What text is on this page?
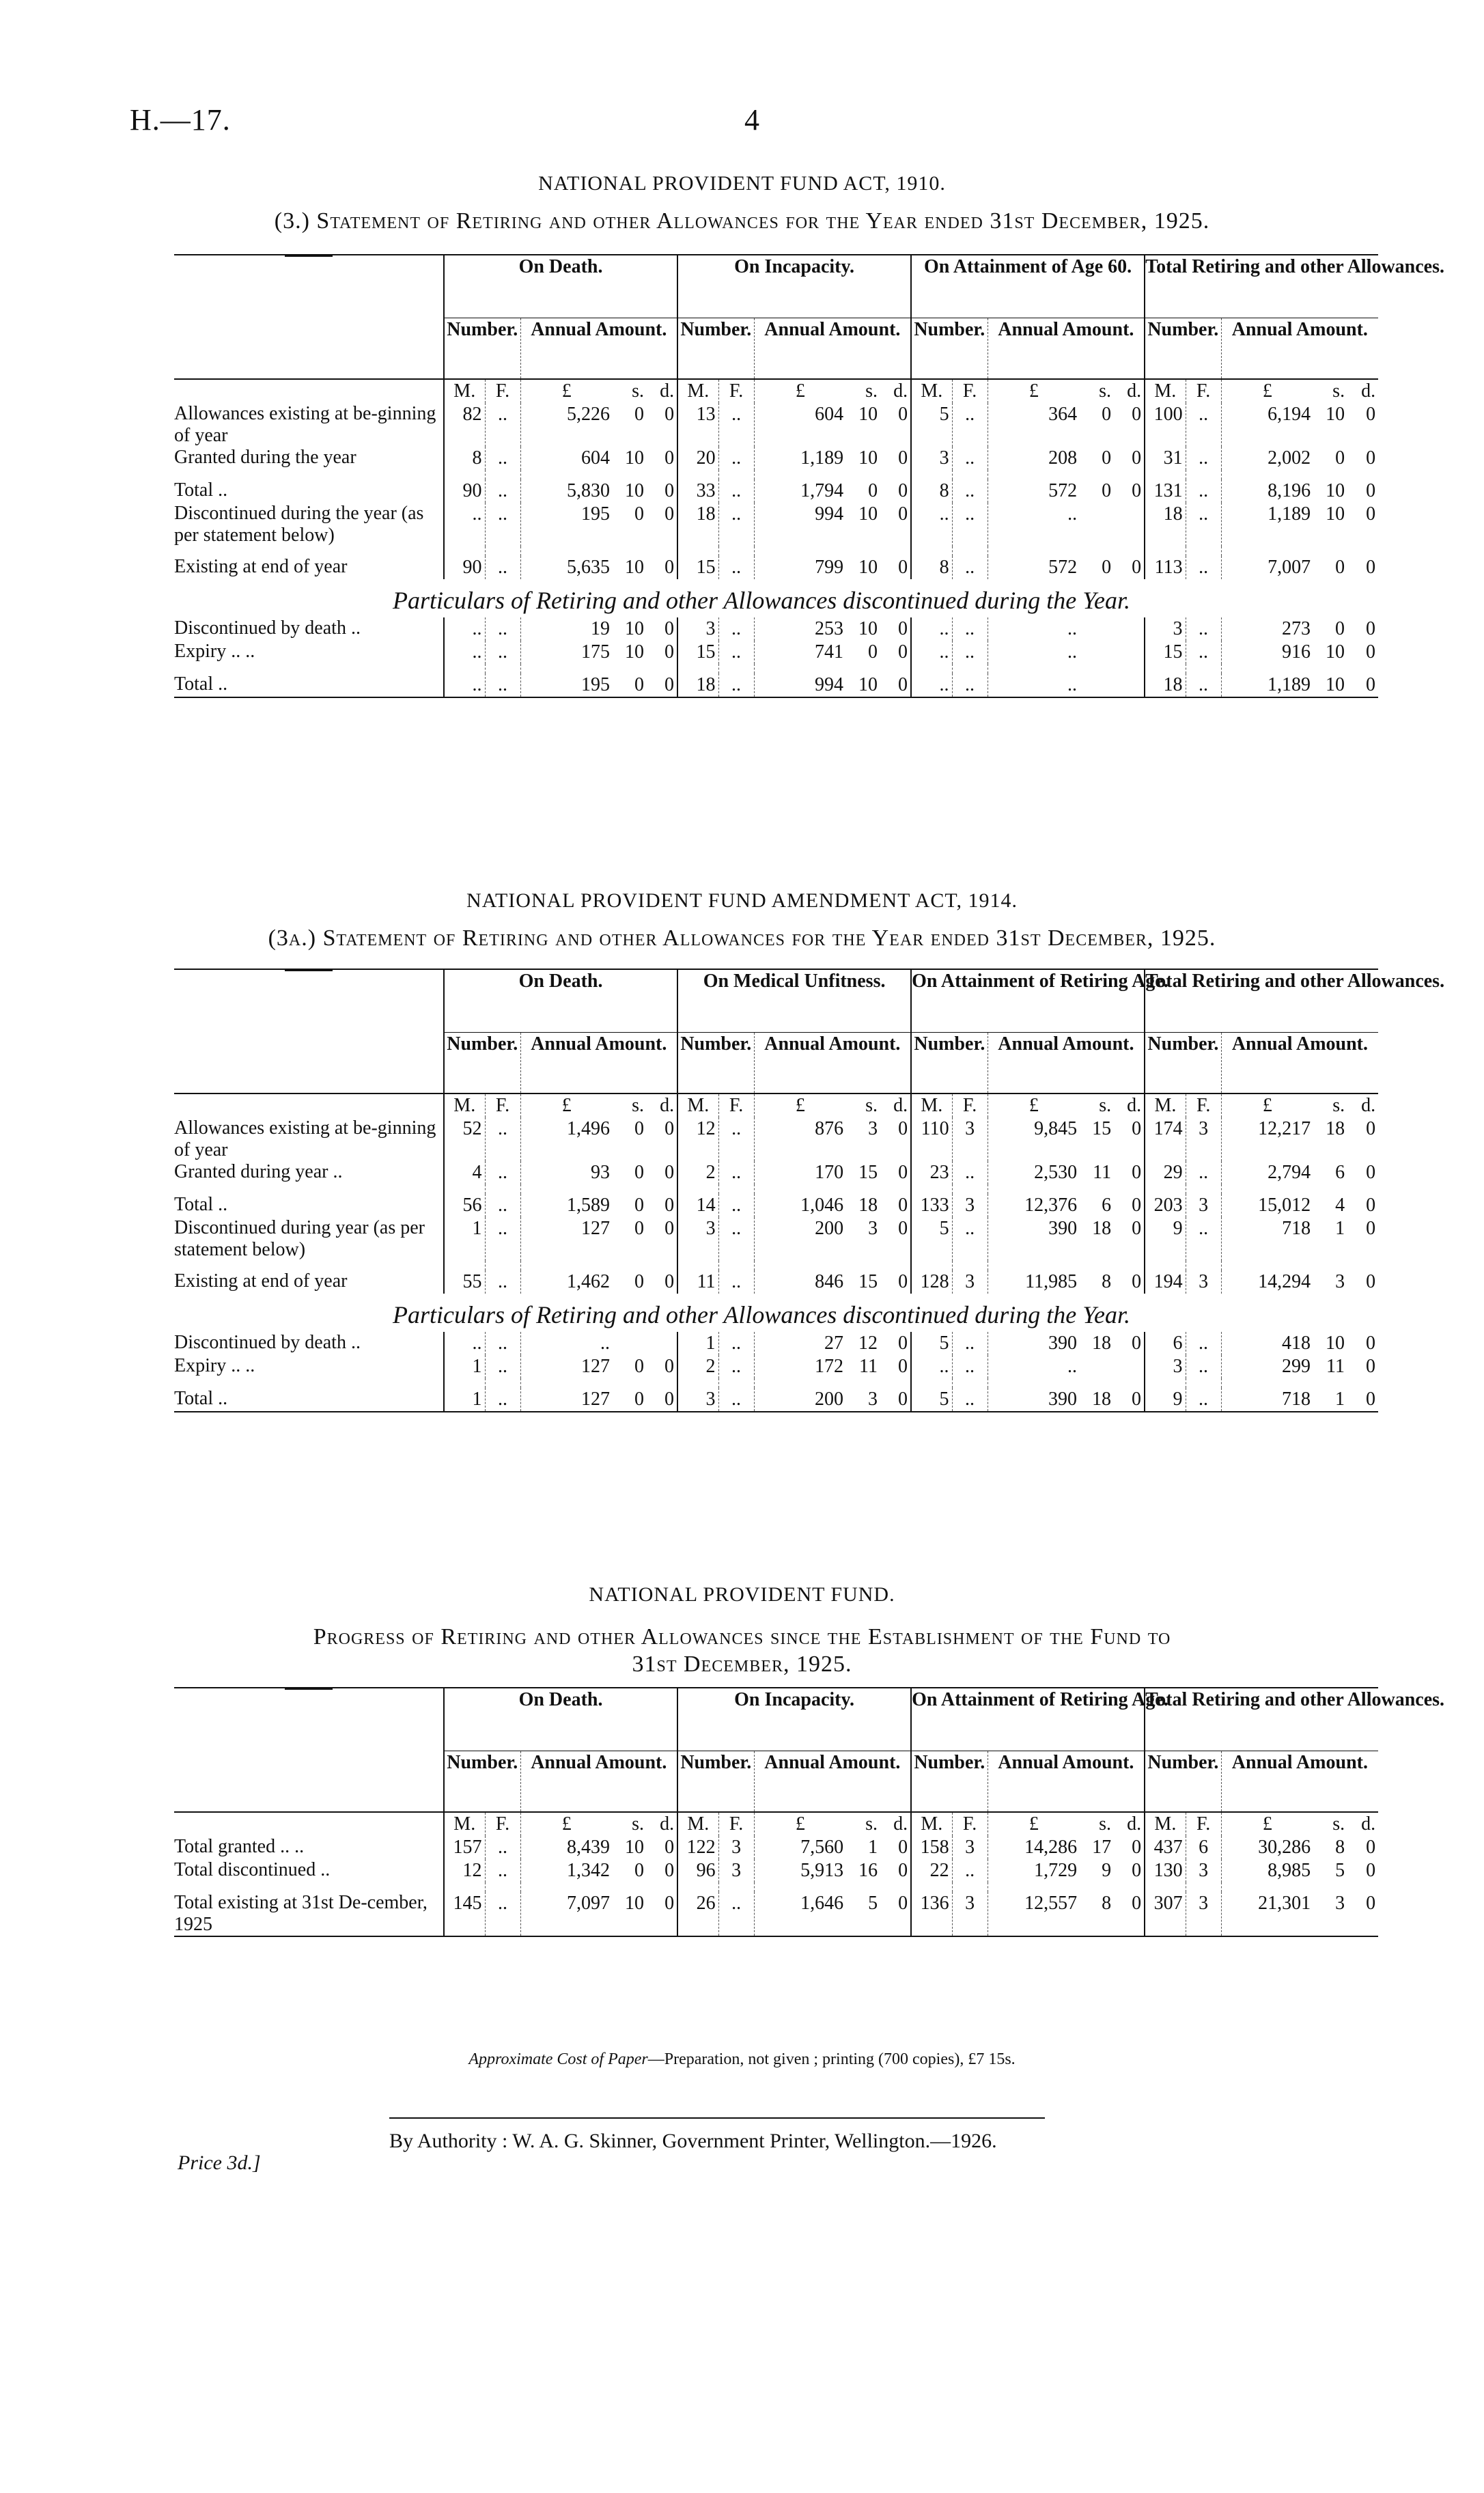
H.—17.	4
NATIONAL PROVIDENT FUND ACT, 1910.
(3.) Statement of Retiring and other Allowances for the Year ended 31st December, 1925.
	On Death.					On Incapacity.					On Attainment of Age 60.					Total Retiring and other Allowances.				
	Number.		Annual Amount.			Number.		Annual Amount.			Number.		Annual Amount.			Number.		Annual Amount.		
	M.	F.	£	s.	d.	M.	F.	£	s.	d.	M.	F.	£	s.	d.	M.	F.	£	s.	d.
Allowances existing at be-ginning of year	82	..	5,226	0	0	13	..	604	10	0	5	..	364	0	0	100	..	6,194	10	0
Granted during the year	8	..	604	10	0	20	..	1,189	10	0	3	..	208	0	0	31	..	2,002	0	0

Total ..	90	..	5,830	10	0	33	..	1,794	0	0	8	..	572	0	0	131	..	8,196	10	0
Discontinued during the year (as per statement below)	..	..	195	0	0	18	..	994	10	0	..	..	..			18	..	1,189	10	0

Existing at end of year	90	..	5,635	10	0	15	..	799	10	0	8	..	572	0	0	113	..	7,007	0	0
Particulars of Retiring and other Allowances discontinued during the Year.
Discontinued by death ..	..	..	19	10	0	3	..	253	10	0	..	..	..			3	..	273	0	0
Expiry .. ..	..	..	175	10	0	15	..	741	0	0	..	..	..			15	..	916	10	0

Total ..	..	..	195	0	0	18	..	994	10	0	..	..	..			18	..	1,189	10	0
NATIONAL PROVIDENT FUND AMENDMENT ACT, 1914.
(3a.) Statement of Retiring and other Allowances for the Year ended 31st December, 1925.
	On Death.					On Medical Unfitness.					On Attainment of Retiring Age.					Total Retiring and other Allowances.				
	Number.		Annual Amount.			Number.		Annual Amount.			Number.		Annual Amount.			Number.		Annual Amount.		
	M.	F.	£	s.	d.	M.	F.	£	s.	d.	M.	F.	£	s.	d.	M.	F.	£	s.	d.
Allowances existing at be-ginning of year	52	..	1,496	0	0	12	..	876	3	0	110	3	9,845	15	0	174	3	12,217	18	0
Granted during year ..	4	..	93	0	0	2	..	170	15	0	23	..	2,530	11	0	29	..	2,794	6	0

Total ..	56	..	1,589	0	0	14	..	1,046	18	0	133	3	12,376	6	0	203	3	15,012	4	0
Discontinued during year (as per statement below)	1	..	127	0	0	3	..	200	3	0	5	..	390	18	0	9	..	718	1	0

Existing at end of year	55	..	1,462	0	0	11	..	846	15	0	128	3	11,985	8	0	194	3	14,294	3	0
Particulars of Retiring and other Allowances discontinued during the Year.
Discontinued by death ..	..	..	..			1	..	27	12	0	5	..	390	18	0	6	..	418	10	0
Expiry .. ..	1	..	127	0	0	2	..	172	11	0	..	..	..			3	..	299	11	0

Total ..	1	..	127	0	0	3	..	200	3	0	5	..	390	18	0	9	..	718	1	0
NATIONAL PROVIDENT FUND.
Progress of Retiring and other Allowances since the Establishment of the Fund to
31st December, 1925.
	On Death.					On Incapacity.					On Attainment of Retiring Age.					Total Retiring and other Allowances.				
	Number.		Annual Amount.			Number.		Annual Amount.			Number.		Annual Amount.			Number.		Annual Amount.		
	M.	F.	£	s.	d.	M.	F.	£	s.	d.	M.	F.	£	s.	d.	M.	F.	£	s.	d.
Total granted .. ..	157	..	8,439	10	0	122	3	7,560	1	0	158	3	14,286	17	0	437	6	30,286	8	0
Total discontinued ..	12	..	1,342	0	0	96	3	5,913	16	0	22	..	1,729	9	0	130	3	8,985	5	0

Total existing at 31st De-cember, 1925	145	..	7,097	10	0	26	..	1,646	5	0	136	3	12,557	8	0	307	3	21,301	3	0
Approximate Cost of Paper—Preparation, not given ; printing (700 copies), £7 15s.
By Authority : W. A. G. Skinner, Government Printer, Wellington.—1926.
Price 3d.]
